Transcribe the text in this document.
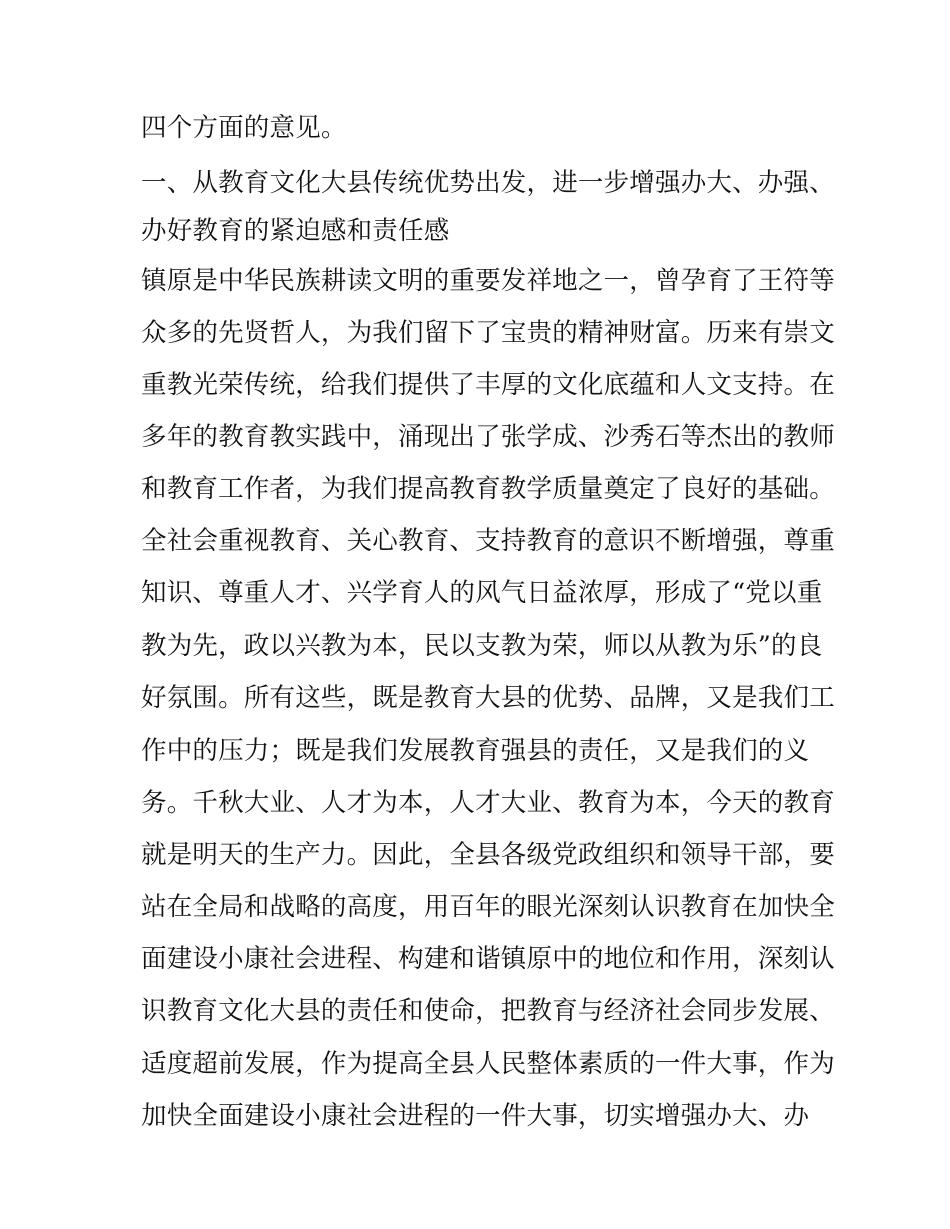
四个方面的意见。
一、从教育文化大县传统优势出发，进一步增强办大、办强、
办好教育的紧迫感和责任感
镇原是中华民族耕读文明的重要发祥地之一，曾孕育了王符等
众多的先贤哲人，为我们留下了宝贵的精神财富。历来有崇文
重教光荣传统，给我们提供了丰厚的文化底蕴和人文支持。在
多年的教育教实践中，涌现出了张学成、沙秀石等杰出的教师
和教育工作者，为我们提高教育教学质量奠定了良好的基础。
全社会重视教育、关心教育、支持教育的意识不断增强，尊重
知识、尊重人才、兴学育人的风气日益浓厚，形成了“党以重
教为先，政以兴教为本，民以支教为荣，师以从教为乐”的良
好氛围。所有这些，既是教育大县的优势、品牌，又是我们工
作中的压力；既是我们发展教育强县的责任，又是我们的义
务。千秋大业、人才为本，人才大业、教育为本，今天的教育
就是明天的生产力。因此，全县各级党政组织和领导干部，要
站在全局和战略的高度，用百年的眼光深刻认识教育在加快全
面建设小康社会进程、构建和谐镇原中的地位和作用，深刻认
识教育文化大县的责任和使命，把教育与经济社会同步发展、
适度超前发展，作为提高全县人民整体素质的一件大事，作为
加快全面建设小康社会进程的一件大事，切实增强办大、办
